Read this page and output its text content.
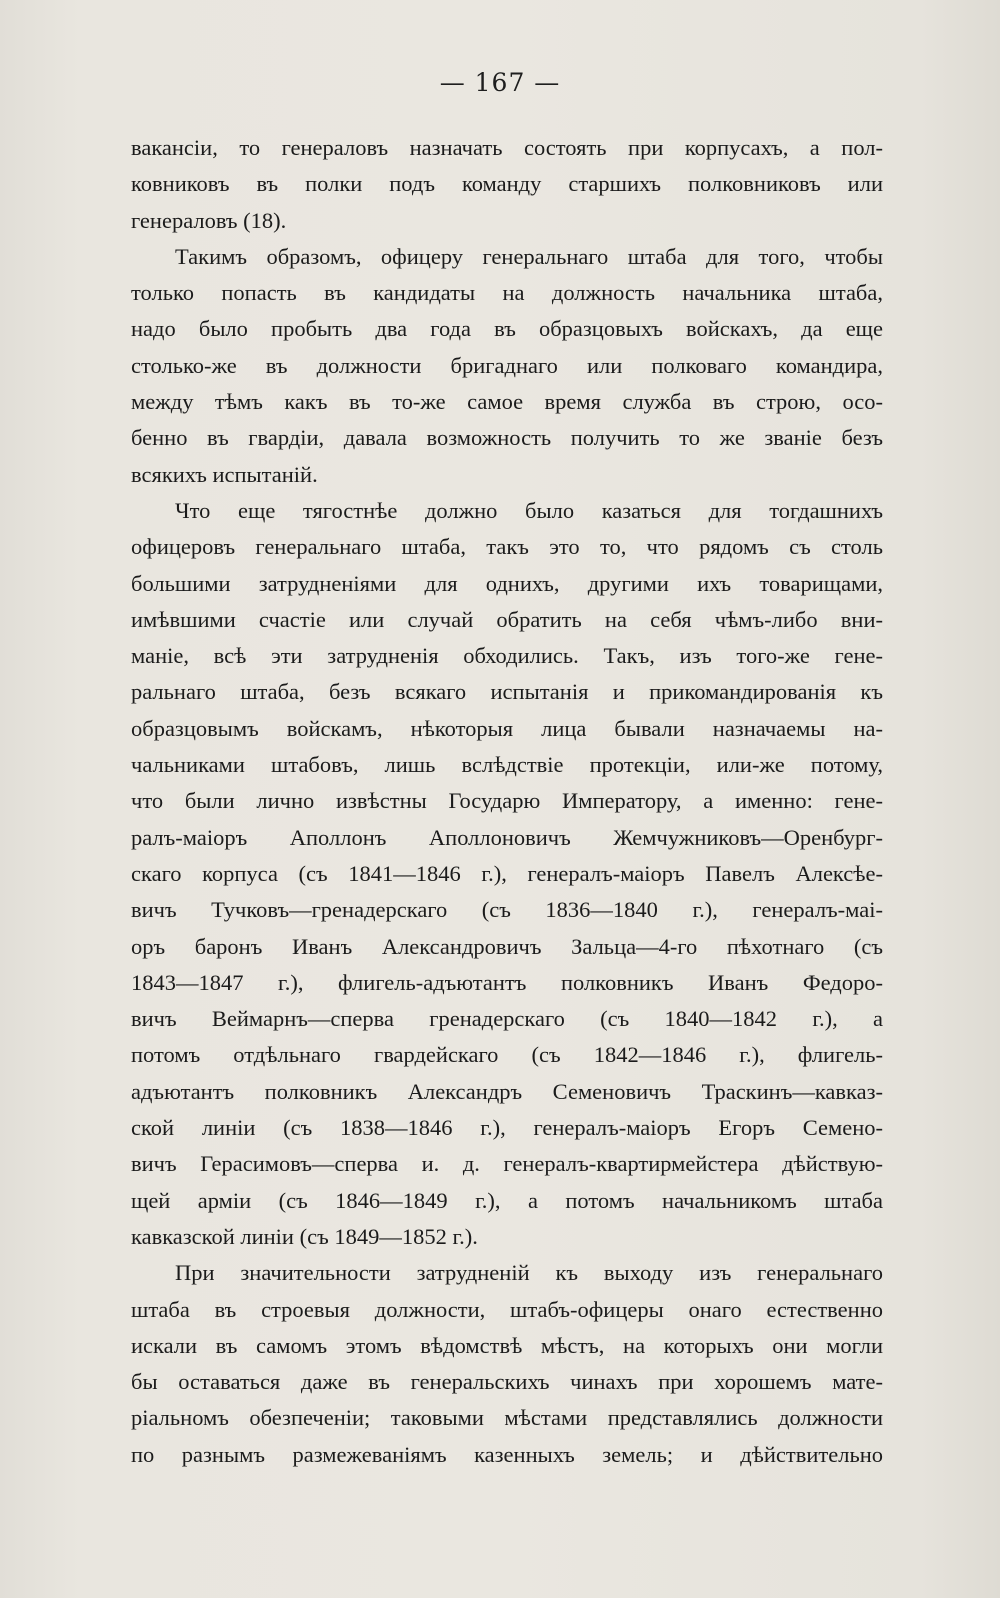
— 167 —
вакансіи, то генераловъ назначать состоять при корпусахъ, а пол-
ковниковъ въ полки подъ команду старшихъ полковниковъ или
генераловъ (18).
Такимъ образомъ, офицеру генеральнаго штаба для того, чтобы
только попасть въ кандидаты на должность начальника штаба,
надо было пробыть два года въ образцовыхъ войскахъ, да еще
столько-же въ должности бригаднаго или полковаго командира,
между тѣмъ какъ въ то-же самое время служба въ строю, осо-
бенно въ гвардіи, давала возможность получить то же званіе безъ
всякихъ испытаній.
Что еще тягостнѣе должно было казаться для тогдашнихъ
офицеровъ генеральнаго штаба, такъ это то, что рядомъ съ столь
большими затрудненіями для однихъ, другими ихъ товарищами,
имѣвшими счастіе или случай обратить на себя чѣмъ-либо вни-
маніе, всѣ эти затрудненія обходились. Такъ, изъ того-же гене-
ральнаго штаба, безъ всякаго испытанія и прикомандированія къ
образцовымъ войскамъ, нѣкоторыя лица бывали назначаемы на-
чальниками штабовъ, лишь вслѣдствіе протекціи, или-же потому,
что были лично извѣстны Государю Императору, а именно: гене-
ралъ-маіоръ Аполлонъ Аполлоновичъ Жемчужниковъ—Оренбург-
скаго корпуса (съ 1841—1846 г.), генералъ-маіоръ Павелъ Алексѣе-
вичъ Тучковъ—гренадерскаго (съ 1836—1840 г.), генералъ-маі-
оръ баронъ Иванъ Александровичъ Зальца—4-го пѣхотнаго (съ
1843—1847 г.), флигель-адъютантъ полковникъ Иванъ Федоро-
вичъ Веймарнъ—сперва гренадерскаго (съ 1840—1842 г.), а
потомъ отдѣльнаго гвардейскаго (съ 1842—1846 г.), флигель-
адъютантъ полковникъ Александръ Семеновичъ Траскинъ—кавказ-
ской линіи (съ 1838—1846 г.), генералъ-маіоръ Егоръ Семено-
вичъ Герасимовъ—сперва и. д. генералъ-квартирмейстера дѣйствую-
щей арміи (съ 1846—1849 г.), а потомъ начальникомъ штаба
кавказской линіи (съ 1849—1852 г.).
При значительности затрудненій къ выходу изъ генеральнаго
штаба въ строевыя должности, штабъ-офицеры онаго естественно
искали въ самомъ этомъ вѣдомствѣ мѣстъ, на которыхъ они могли
бы оставаться даже въ генеральскихъ чинахъ при хорошемъ мате-
ріальномъ обезпеченіи; таковыми мѣстами представлялись должности
по разнымъ размежеваніямъ казенныхъ земель; и дѣйствительно
